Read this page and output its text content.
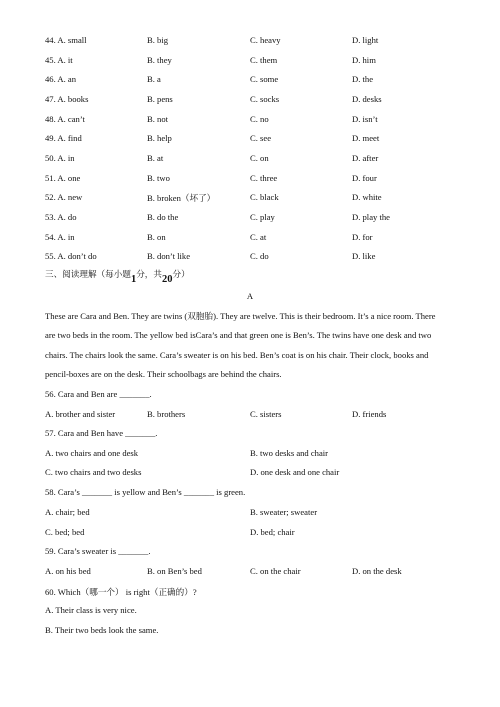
44. A. small	B. big	C. heavy	D. light
45. A. it	B. they	C. them	D. him
46. A. an	B. a	C. some	D. the
47. A. books	B. pens	C. socks	D. desks
48. A. can’t	B. not	C. no	D. isn’t
49. A. find	B. help	C. see	D. meet
50. A. in	B. at	C. on	D. after
51. A. one	B. two	C. three	D. four
52. A. new	B. broken（坏了）	C. black	D. white
53. A. do	B. do the	C. play	D. play the
54. A. in	B. on	C. at	D. for
55. A. don’t do	B. don’t like	C. do	D. like
三、阅读理解（每小题1分，共20分）
A
These are Cara and Ben. They are twins (双胞胎). They are twelve. This is their bedroom. It’s a nice room. There
are two beds in the room. The yellow bed isCara’s and that green one is Ben’s. The twins have one desk and two
chairs. The chairs look the same. Cara’s sweater is on his bed. Ben’s coat is on his chair. Their clock, books and
pencil-boxes are on the desk. Their schoolbags are behind the chairs.
56. Cara and Ben are _______.
A. brother and sister	B. brothers	C. sisters	D. friends
57. Cara and Ben have _______.
A. two chairs and one desk	B. two desks and chair
C. two chairs and two desks	D. one desk and one chair
58. Cara’s _______ is yellow and Ben’s _______ is green.
A. chair; bed	B. sweater; sweater
C. bed; bed	D. bed; chair
59. Cara’s sweater is _______.
A. on his bed	B. on Ben’s bed	C. on the chair	D. on the desk
60. Which（哪一个） is right（正确的）?
A. Their class is very nice.
B. Their two beds look the same.
